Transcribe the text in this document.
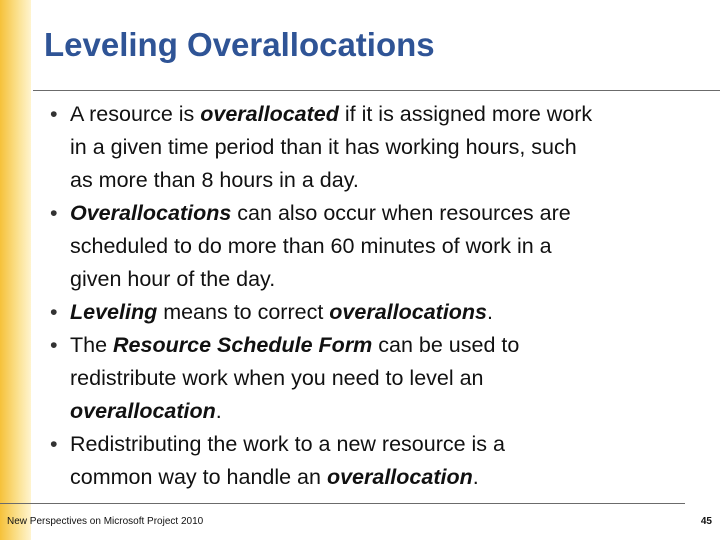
Leveling Overallocations
• A resource is overallocated if it is assigned more work
in a given time period than it has working hours, such
as more than 8 hours in a day.
• Overallocations can also occur when resources are
scheduled to do more than 60 minutes of work in a
given hour of the day.
• Leveling means to correct overallocations.
• The Resource Schedule Form can be used to
redistribute work when you need to level an
overallocation.
• Redistributing the work to a new resource is a
common way to handle an overallocation.
New Perspectives on Microsoft Project 2010	45
